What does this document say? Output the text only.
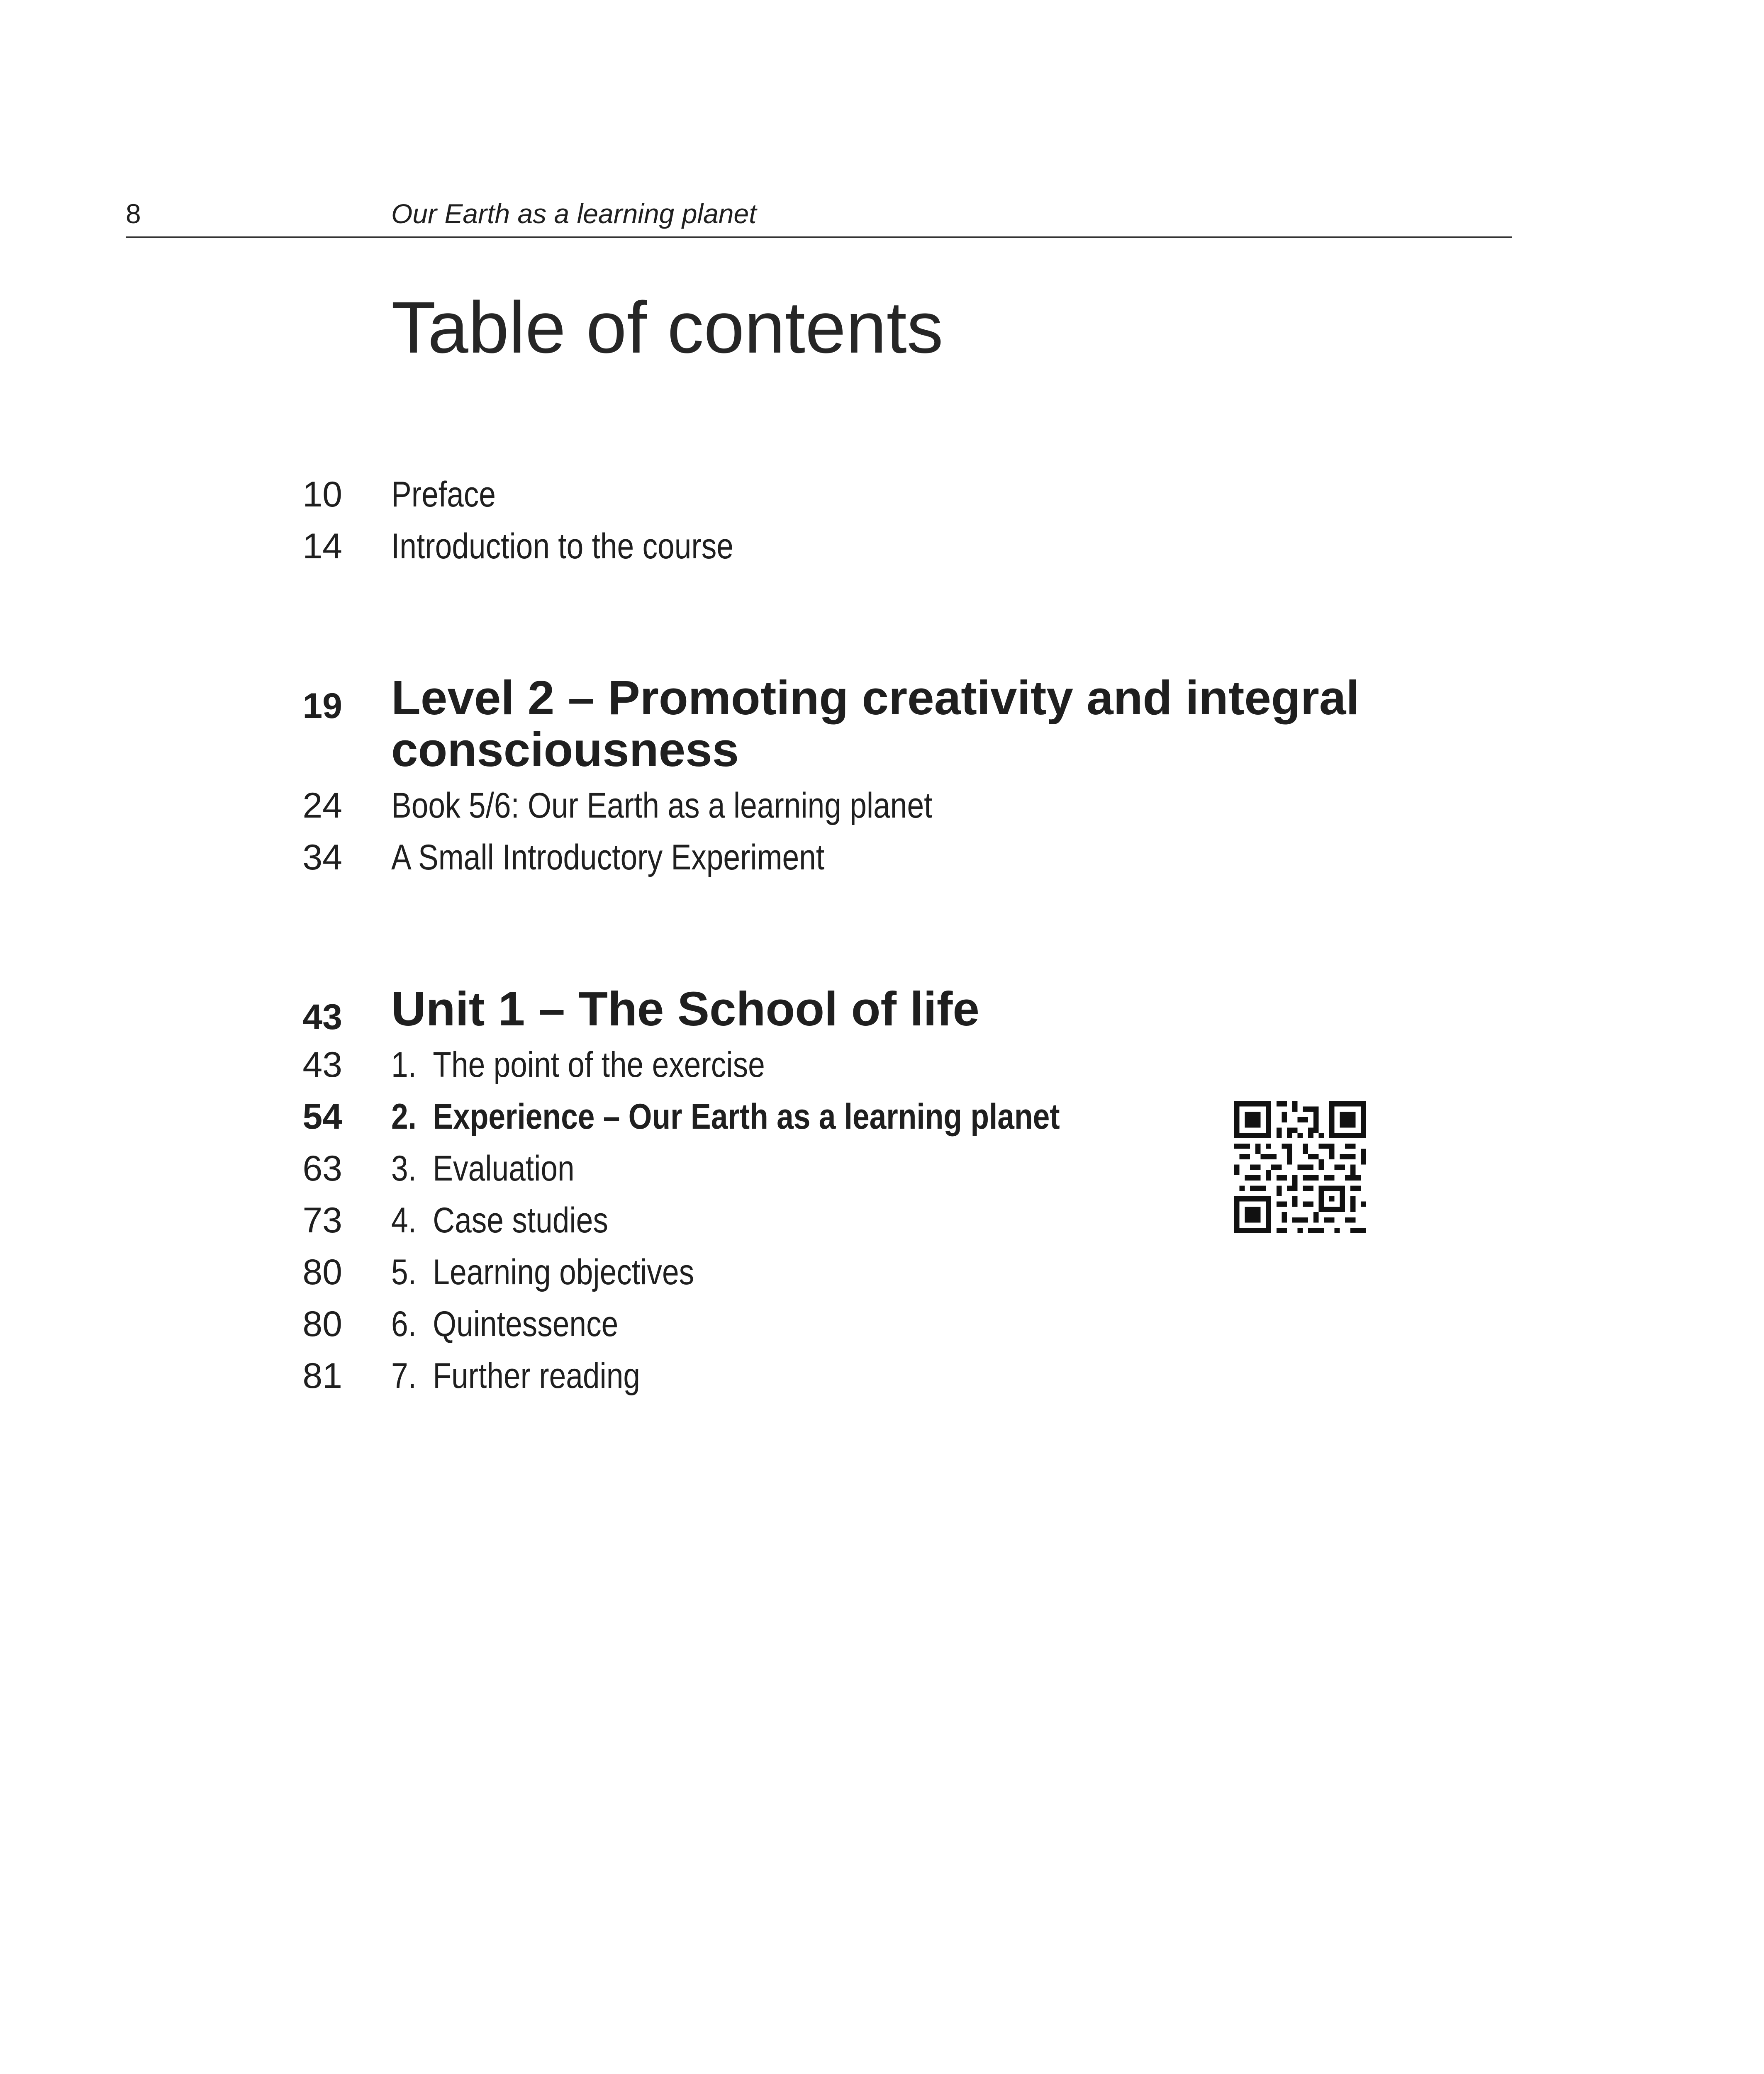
8	Our Earth as a learning planet
Table of contents
10 Preface
14 Introduction to the course
19 Level 2 – Promoting creativity and integral consciousness
24 Book 5/6: Our Earth as a learning planet
34 A Small Introductory Experiment
43 Unit 1 – The School of life
43 1. The point of the exercise
54 2. Experience – Our Earth as a learning planet
63 3. Evaluation
73 4. Case studies
80 5. Learning objectives
80 6. Quintessence
81 7. Further reading
